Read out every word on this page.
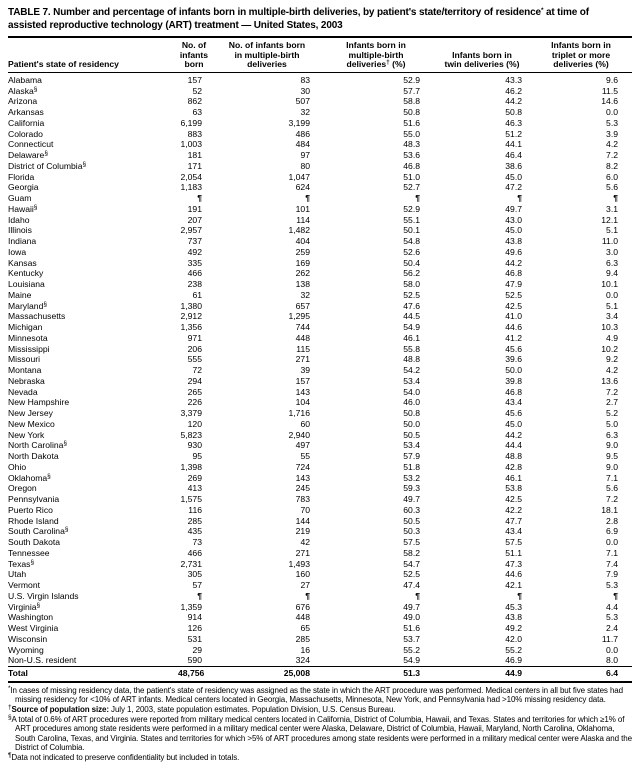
TABLE 7. Number and percentage of infants born in multiple-birth deliveries, by patient's state/territory of residence* at time of
assisted reproductive technology (ART) treatment — United States, 2003
Patient's state of residency

No. of
infants
born

No. of infants born
in multiple-birth
deliveries

Infants born in
multiple-birth
deliveries† (%)

Infants born in
twin deliveries (%)

Infants born in
triplet or more
deliveries (%)

Alabama	157	83	52.9	43.3	9.6
Alaska§	52	30	57.7	46.2	11.5
Arizona	862	507	58.8	44.2	14.6
Arkansas	63	32	50.8	50.8	0.0
California	6,199	3,199	51.6	46.3	5.3
Colorado	883	486	55.0	51.2	3.9
Connecticut	1,003	484	48.3	44.1	4.2
Delaware§	181	97	53.6	46.4	7.2
District of Columbia§	171	80	46.8	38.6	8.2
Florida	2,054	1,047	51.0	45.0	6.0
Georgia	1,183	624	52.7	47.2	5.6
Guam	¶	¶	¶	¶	¶
Hawaii§	191	101	52.9	49.7	3.1
Idaho	207	114	55.1	43.0	12.1
Illinois	2,957	1,482	50.1	45.0	5.1
Indiana	737	404	54.8	43.8	11.0
Iowa	492	259	52.6	49.6	3.0
Kansas	335	169	50.4	44.2	6.3
Kentucky	466	262	56.2	46.8	9.4
Louisiana	238	138	58.0	47.9	10.1
Maine	61	32	52.5	52.5	0.0
Maryland§	1,380	657	47.6	42.5	5.1
Massachusetts	2,912	1,295	44.5	41.0	3.4
Michigan	1,356	744	54.9	44.6	10.3
Minnesota	971	448	46.1	41.2	4.9
Mississippi	206	115	55.8	45.6	10.2
Missouri	555	271	48.8	39.6	9.2
Montana	72	39	54.2	50.0	4.2
Nebraska	294	157	53.4	39.8	13.6
Nevada	265	143	54.0	46.8	7.2
New Hampshire	226	104	46.0	43.4	2.7
New Jersey	3,379	1,716	50.8	45.6	5.2
New Mexico	120	60	50.0	45.0	5.0
New York	5,823	2,940	50.5	44.2	6.3
North Carolina§	930	497	53.4	44.4	9.0
North Dakota	95	55	57.9	48.8	9.5
Ohio	1,398	724	51.8	42.8	9.0
Oklahoma§	269	143	53.2	46.1	7.1
Oregon	413	245	59.3	53.8	5.6
Pennsylvania	1,575	783	49.7	42.5	7.2
Puerto Rico	116	70	60.3	42.2	18.1
Rhode Island	285	144	50.5	47.7	2.8
South Carolina§	435	219	50.3	43.4	6.9
South Dakota	73	42	57.5	57.5	0.0
Tennessee	466	271	58.2	51.1	7.1
Texas§	2,731	1,493	54.7	47.3	7.4
Utah	305	160	52.5	44.6	7.9
Vermont	57	27	47.4	42.1	5.3
U.S. Virgin Islands	¶	¶	¶	¶	¶
Virginia§	1,359	676	49.7	45.3	4.4
Washington	914	448	49.0	43.8	5.3
West Virginia	126	65	51.6	49.2	2.4
Wisconsin	531	285	53.7	42.0	11.7
Wyoming	29	16	55.2	55.2	0.0
Non-U.S. resident	590	324	54.9	46.9	8.0
Total	48,756	25,008	51.3	44.9	6.4
*In cases of missing residency data, the patient's state of residency was assigned as the state in which the ART procedure was performed. Medical centers in all but five states had missing residency for <10% of ART infants. Medical centers located in Georgia, Massachusetts, Minnesota, New York, and Pennsylvania had >10% missing residency data.
†Source of population size: July 1, 2003, state population estimates. Population Division, U.S. Census Bureau.
§A total of 0.6% of ART procedures were reported from military medical centers located in California, District of Columbia, Hawaii, and Texas. States and territories for which ≥1% of ART procedures among state residents were performed in a military medical center were Alaska, Delaware, District of Columbia, Hawaii, Maryland, North Carolina, Oklahoma, South Carolina, Texas, and Virginia. States and territories for which >5% of ART procedures among state residents were performed in a military medical center were Alaska and the District of Columbia.
¶Data not indicated to preserve confidentiality but included in totals.
